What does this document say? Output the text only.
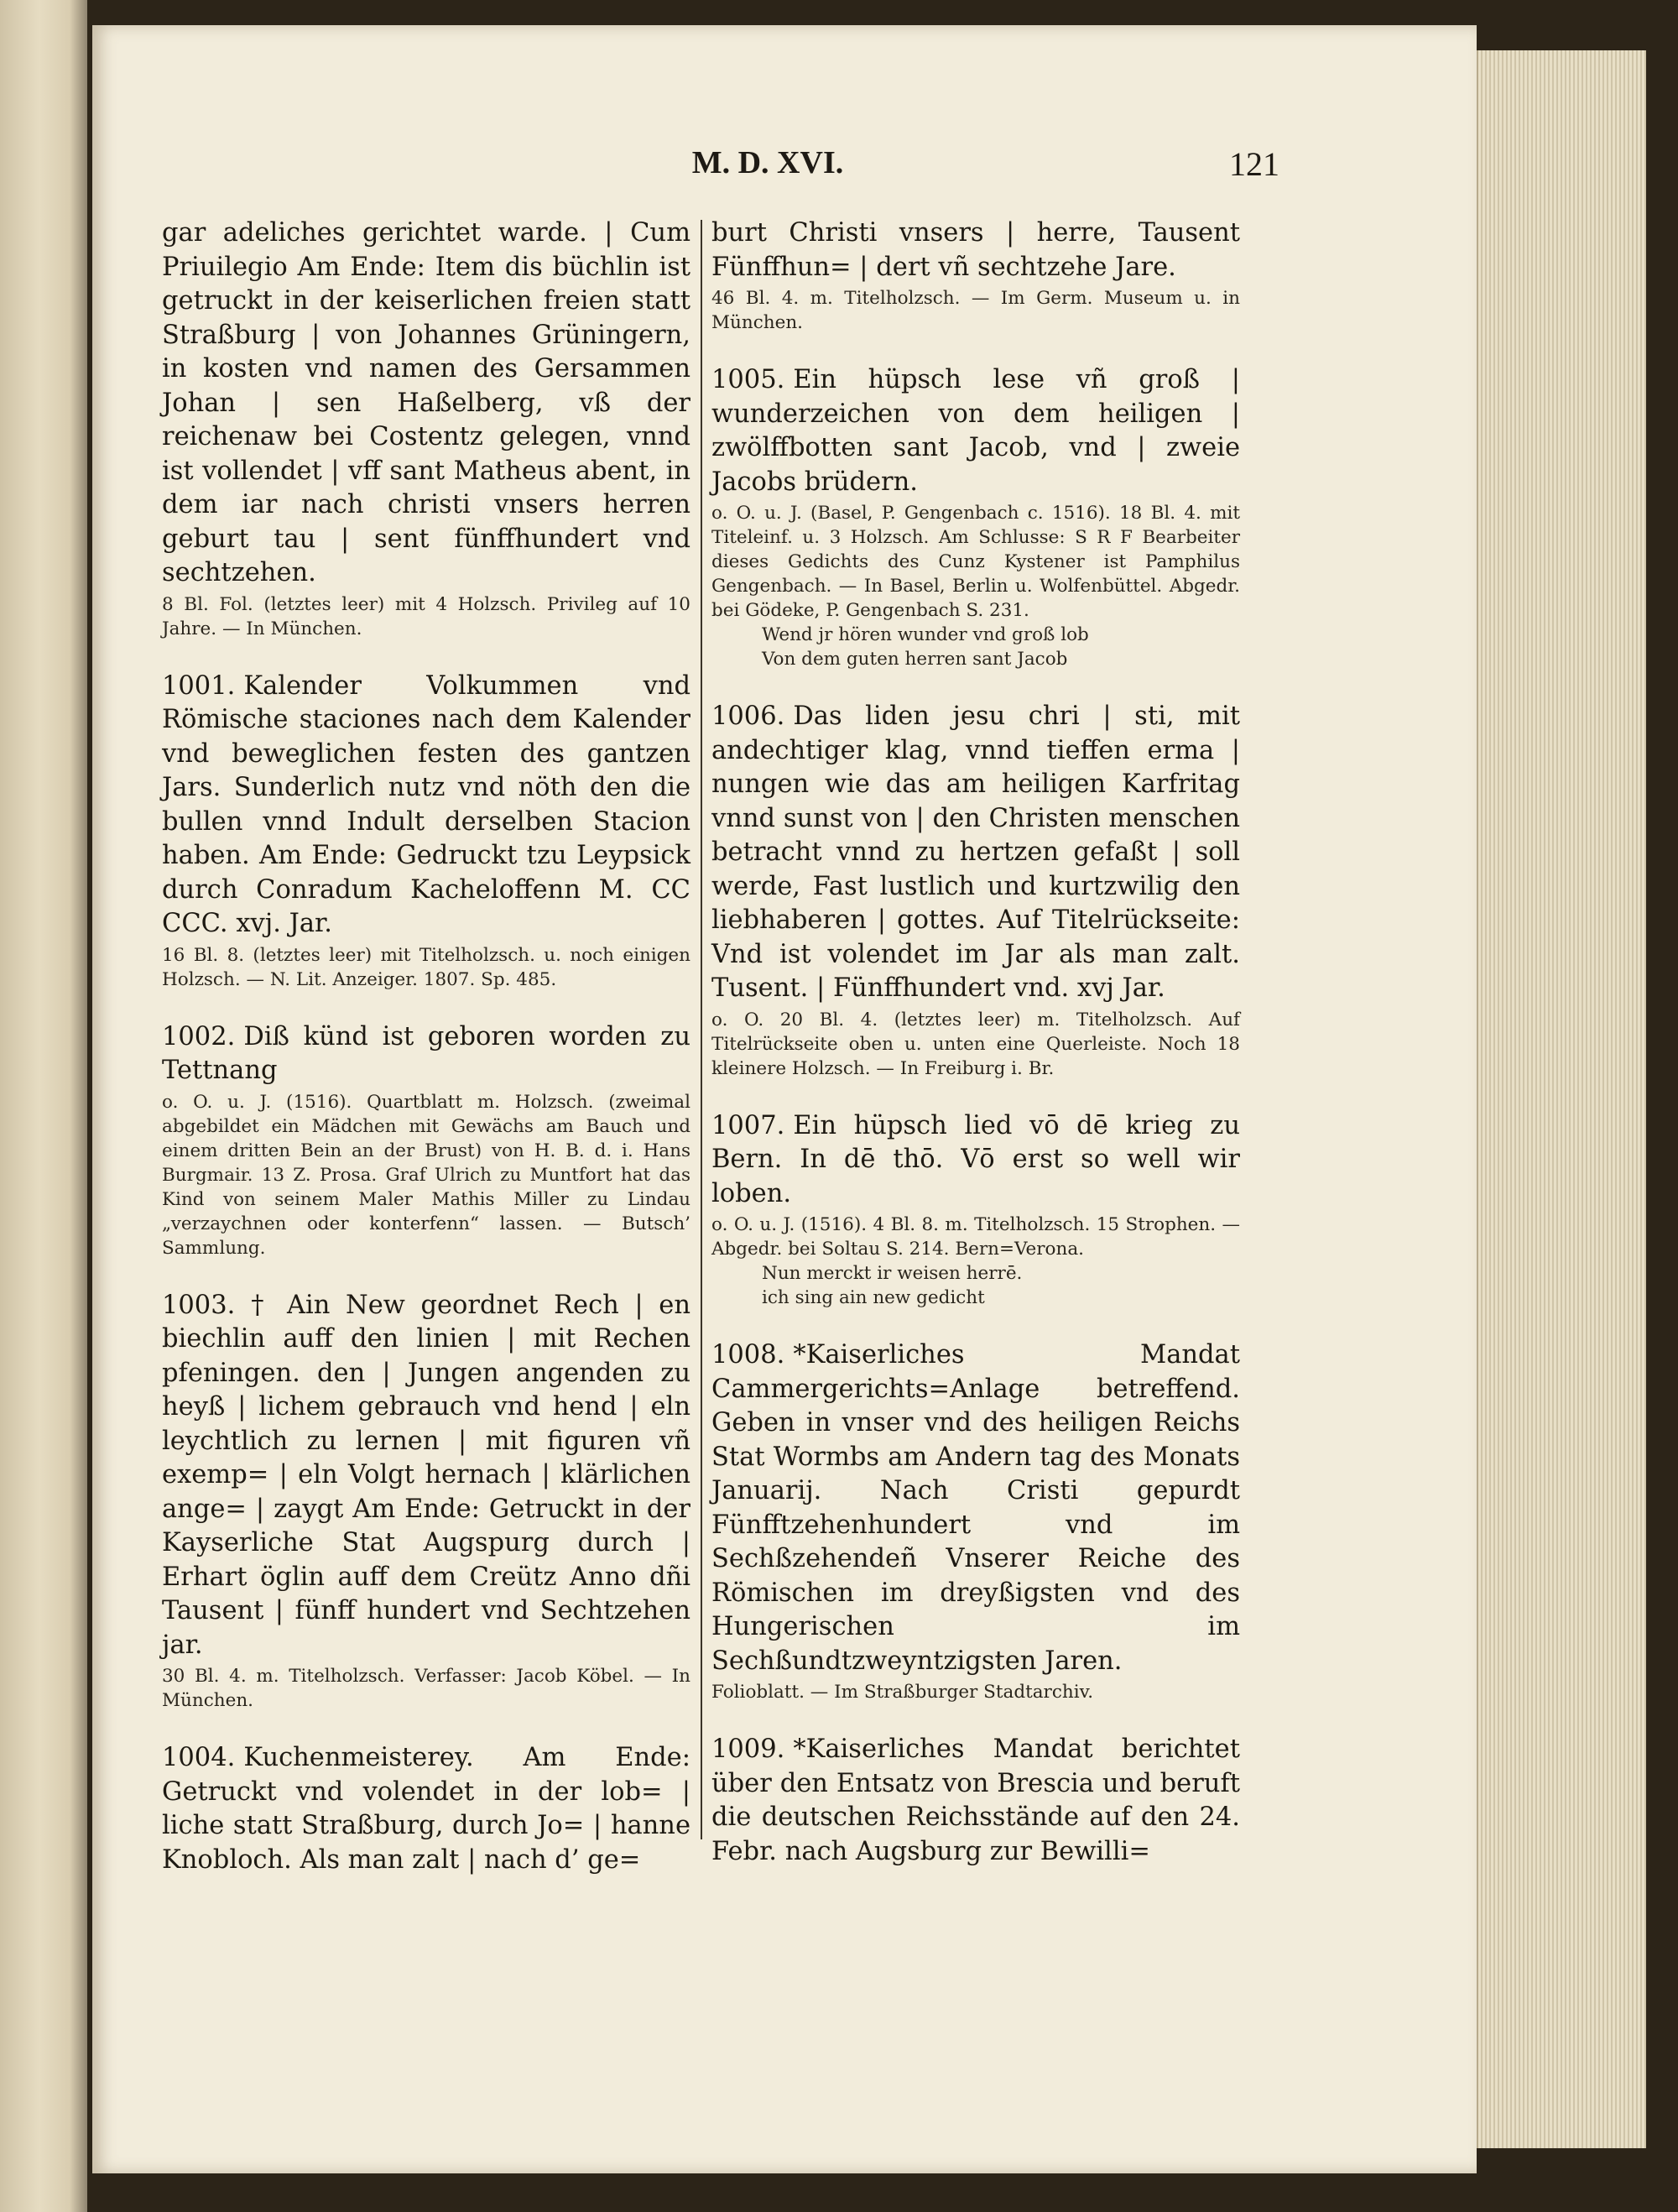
M. D. XVI.	121

gar adeliches gerichtet warde. | Cum Priuilegio Am Ende: Item dis büchlin ist getruckt in der keiserlichen freien statt Straßburg | von Johannes Grüningern, in kosten vnd namen des Gersammen Johan | sen Haßelberg, vß der reichenaw bei Costentz gelegen, vnnd ist vollendet | vff sant Matheus abent, in dem iar nach christi vnsers herren geburt tau | sent fünffhundert vnd sechtzehen.

8 Bl. Fol. (letztes leer) mit 4 Holzsch. Privileg auf 10 Jahre. — In München.

1001. Kalender Volkummen vnd Römische staciones nach dem Kalender vnd beweglichen festen des gantzen Jars. Sunderlich nutz vnd nöth den die bullen vnnd Indult derselben Stacion haben. Am Ende: Gedruckt tzu Leypsick durch Conradum Kacheloffenn M. CC CCC. xvj. Jar.

16 Bl. 8. (letztes leer) mit Titelholzsch. u. noch einigen Holzsch. — N. Lit. Anzeiger. 1807. Sp. 485.

1002. Diß künd ist geboren worden zu Tettnang

o. O. u. J. (1516). Quartblatt m. Holzsch. (zweimal abgebildet ein Mädchen mit Gewächs am Bauch und einem dritten Bein an der Brust) von H. B. d. i. Hans Burgmair. 13 Z. Prosa. Graf Ulrich zu Muntfort hat das Kind von seinem Maler Mathis Miller zu Lindau „verzaychnen oder konterfenn“ lassen. — Butsch’ Sammlung.

1003. † Ain New geordnet Rech | en biechlin auff den linien | mit Rechen pfeningen. den | Jungen angenden zu heyß | lichem gebrauch vnd hend | eln leychtlich zu lernen | mit figuren vñ exemp= | eln Volgt hernach | klärlichen ange= | zaygt Am Ende: Getruckt in der Kayserliche Stat Augspurg durch | Erhart öglin auff dem Creütz Anno dñi Tausent | fünff hundert vnd Sechtzehen jar.

30 Bl. 4. m. Titelholzsch. Verfasser: Jacob Köbel. — In München.

1004. Kuchenmeisterey. Am Ende: Getruckt vnd volendet in der lob= | liche statt Straßburg, durch Jo= | hanne Knobloch. Als man zalt | nach d’ ge=

burt Christi vnsers | herre, Tausent Fünffhun= | dert vñ sechtzehe Jare.

46 Bl. 4. m. Titelholzsch. — Im Germ. Museum u. in München.

1005. Ein hüpsch lese vñ groß | wunderzeichen von dem heiligen | zwölffbotten sant Jacob, vnd | zweie Jacobs brüdern.

o. O. u. J. (Basel, P. Gengenbach c. 1516). 18 Bl. 4. mit Titeleinf. u. 3 Holzsch. Am Schlusse: S R F Bearbeiter dieses Gedichts des Cunz Kystener ist Pamphilus Gengenbach. — In Basel, Berlin u. Wolfenbüttel. Abgedr. bei Gödeke, P. Gengenbach S. 231.

Wend jr hören wunder vnd groß lob

Von dem guten herren sant Jacob

1006. Das liden jesu chri | sti, mit andechtiger klag, vnnd tieffen erma | nungen wie das am heiligen Karfritag vnnd sunst von | den Christen menschen betracht vnnd zu hertzen gefaßt | soll werde, Fast lustlich und kurtzwilig den liebhaberen | gottes. Auf Titelrückseite: Vnd ist volendet im Jar als man zalt. Tusent. | Fünffhundert vnd. xvj Jar.

o. O. 20 Bl. 4. (letztes leer) m. Titelholzsch. Auf Titelrückseite oben u. unten eine Querleiste. Noch 18 kleinere Holzsch. — In Freiburg i. Br.

1007. Ein hüpsch lied vō dē krieg zu Bern. In dē thō. Vō erst so well wir loben.

o. O. u. J. (1516). 4 Bl. 8. m. Titelholzsch. 15 Strophen. — Abgedr. bei Soltau S. 214. Bern=Verona.

Nun merckt ir weisen herrē.

ich sing ain new gedicht

1008. *Kaiserliches Mandat Cammergerichts=Anlage betreffend. Geben in vnser vnd des heiligen Reichs Stat Wormbs am Andern tag des Monats Januarij. Nach Cristi gepurdt Fünfftzehenhundert vnd im Sechßzehendeñ Vnserer Reiche des Römischen im dreyßigsten vnd des Hungerischen im Sechßundtzweyntzigsten Jaren.

Folioblatt. — Im Straßburger Stadtarchiv.

1009. *Kaiserliches Mandat berichtet über den Entsatz von Brescia und beruft die deutschen Reichsstände auf den 24. Febr. nach Augsburg zur Bewilli=
